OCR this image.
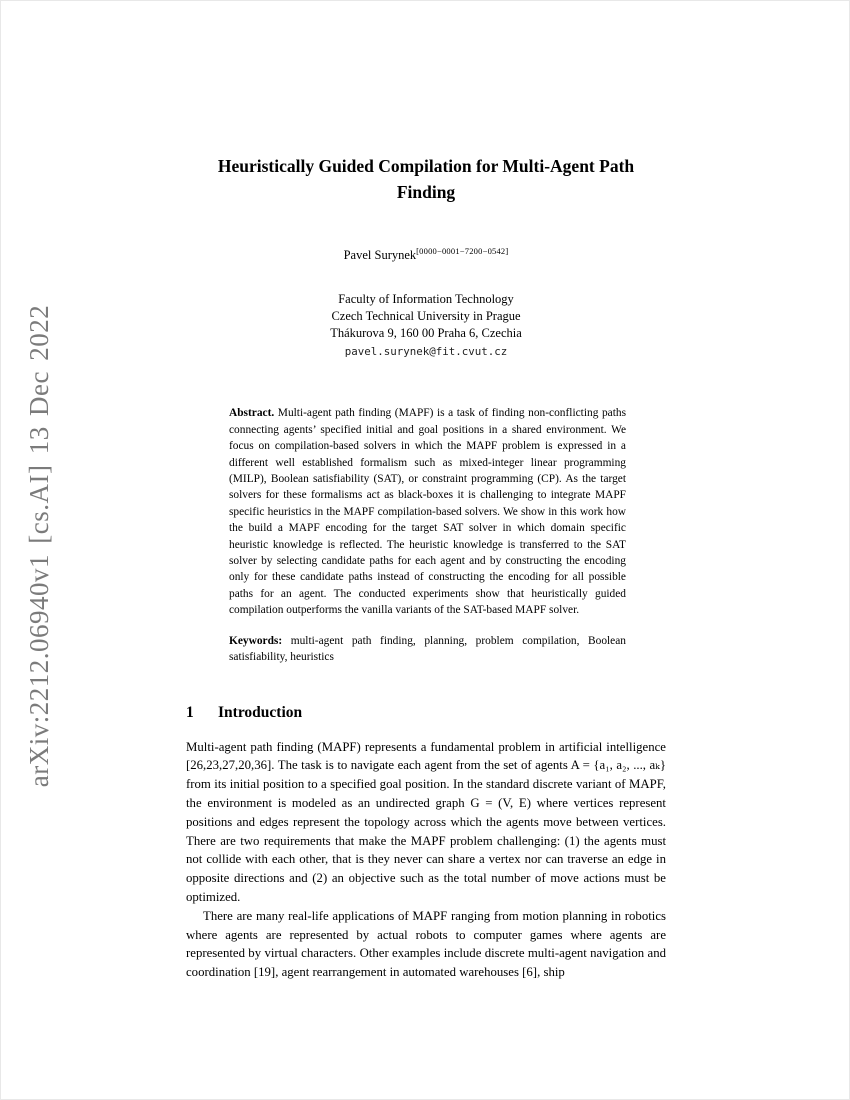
arXiv:2212.06940v1 [cs.AI] 13 Dec 2022
Heuristically Guided Compilation for Multi-Agent Path Finding
Pavel Surynek[0000−0001−7200−0542]
Faculty of Information Technology
Czech Technical University in Prague
Thákurova 9, 160 00 Praha 6, Czechia
pavel.surynek@fit.cvut.cz
Abstract. Multi-agent path finding (MAPF) is a task of finding non-conflicting paths connecting agents’ specified initial and goal positions in a shared environment. We focus on compilation-based solvers in which the MAPF problem is expressed in a different well established formalism such as mixed-integer linear programming (MILP), Boolean satisfiability (SAT), or constraint programming (CP). As the target solvers for these formalisms act as black-boxes it is challenging to integrate MAPF specific heuristics in the MAPF compilation-based solvers. We show in this work how the build a MAPF encoding for the target SAT solver in which domain specific heuristic knowledge is reflected. The heuristic knowledge is transferred to the SAT solver by selecting candidate paths for each agent and by constructing the encoding only for these candidate paths instead of constructing the encoding for all possible paths for an agent. The conducted experiments show that heuristically guided compilation outperforms the vanilla variants of the SAT-based MAPF solver.
Keywords: multi-agent path finding, planning, problem compilation, Boolean satisfiability, heuristics
1 Introduction

Multi-agent path finding (MAPF) represents a fundamental problem in artificial intelligence [26,23,27,20,36]. The task is to navigate each agent from the set of agents A = {a₁, a₂, ..., aₖ} from its initial position to a specified goal position. In the standard discrete variant of MAPF, the environment is modeled as an undirected graph G = (V, E) where vertices represent positions and edges represent the topology across which the agents move between vertices. There are two requirements that make the MAPF problem challenging: (1) the agents must not collide with each other, that is they never can share a vertex nor can traverse an edge in opposite directions and (2) an objective such as the total number of move actions must be optimized.

There are many real-life applications of MAPF ranging from motion planning in robotics where agents are represented by actual robots to computer games where agents are represented by virtual characters. Other examples include discrete multi-agent navigation and coordination [19], agent rearrangement in automated warehouses [6], ship
